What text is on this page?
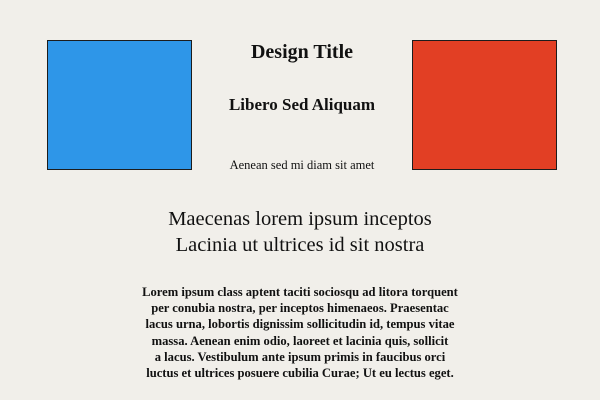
Design Title
Libero Sed Aliquam
Aenean sed mi diam sit amet
Maecenas lorem ipsum inceptos
Lacinia ut ultrices id sit nostra
Lorem ipsum class aptent taciti sociosqu ad litora torquent
per conubia nostra, per inceptos himenaeos. Praesentac
lacus urna, lobortis dignissim sollicitudin id, tempus vitae
massa. Aenean enim odio, laoreet et lacinia quis, sollicit
a lacus. Vestibulum ante ipsum primis in faucibus orci
luctus et ultrices posuere cubilia Curae; Ut eu lectus eget.
